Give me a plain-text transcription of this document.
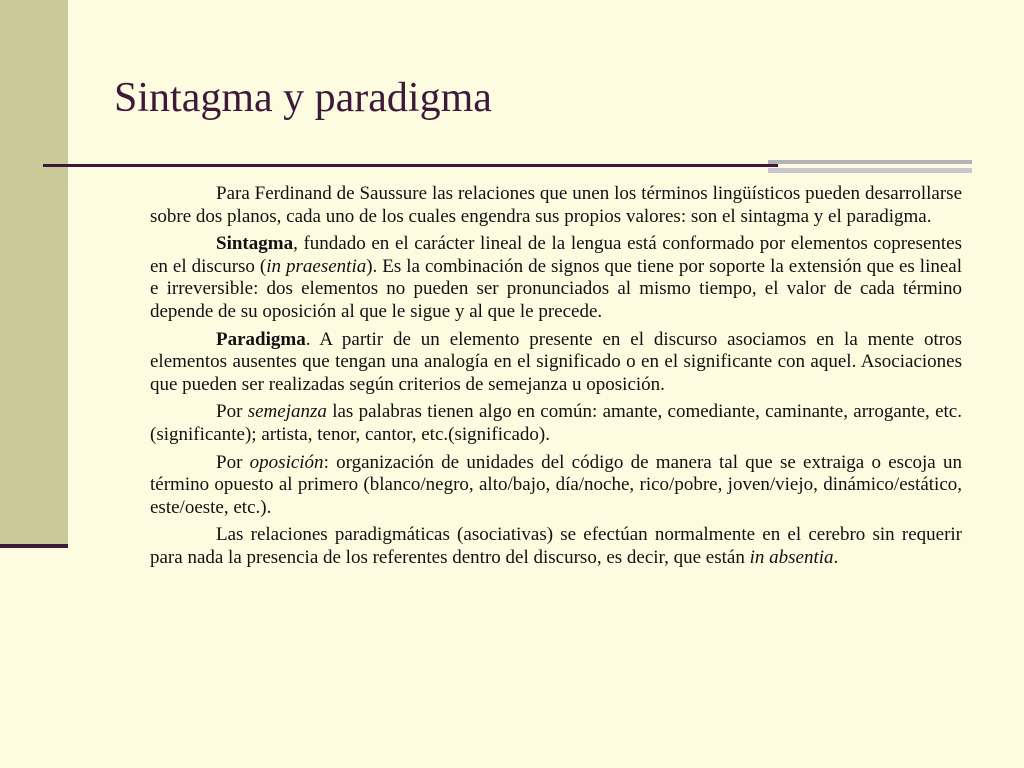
Sintagma y paradigma

Para Ferdinand de Saussure las relaciones que unen los términos lingüísticos pueden desarrollarse sobre dos planos, cada uno de los cuales engendra sus propios valores: son el sintagma y el paradigma.

Sintagma, fundado en el carácter lineal de la lengua está conformado por elementos copresentes en el discurso (in praesentia). Es la combinación de signos que tiene por soporte la extensión que es lineal e irreversible: dos elementos no pueden ser pronunciados al mismo tiempo, el valor de cada término depende de su oposición al que le sigue y al que le precede.

Paradigma. A partir de un elemento presente en el discurso asociamos en la mente otros elementos ausentes que tengan una analogía en el significado o en el significante con aquel. Asociaciones que pueden ser realizadas según criterios de semejanza u oposición.

Por semejanza las palabras tienen algo en común: amante, comediante, caminante, arrogante, etc. (significante); artista, tenor, cantor, etc.(significado).

Por oposición: organización de unidades del código de manera tal que se extraiga o escoja un término opuesto al primero (blanco/negro, alto/bajo, día/noche, rico/pobre, joven/viejo, dinámico/estático, este/oeste, etc.).

Las relaciones paradigmáticas (asociativas) se efectúan normalmente en el cerebro sin requerir para nada la presencia de los referentes dentro del discurso, es decir, que están in absentia.
